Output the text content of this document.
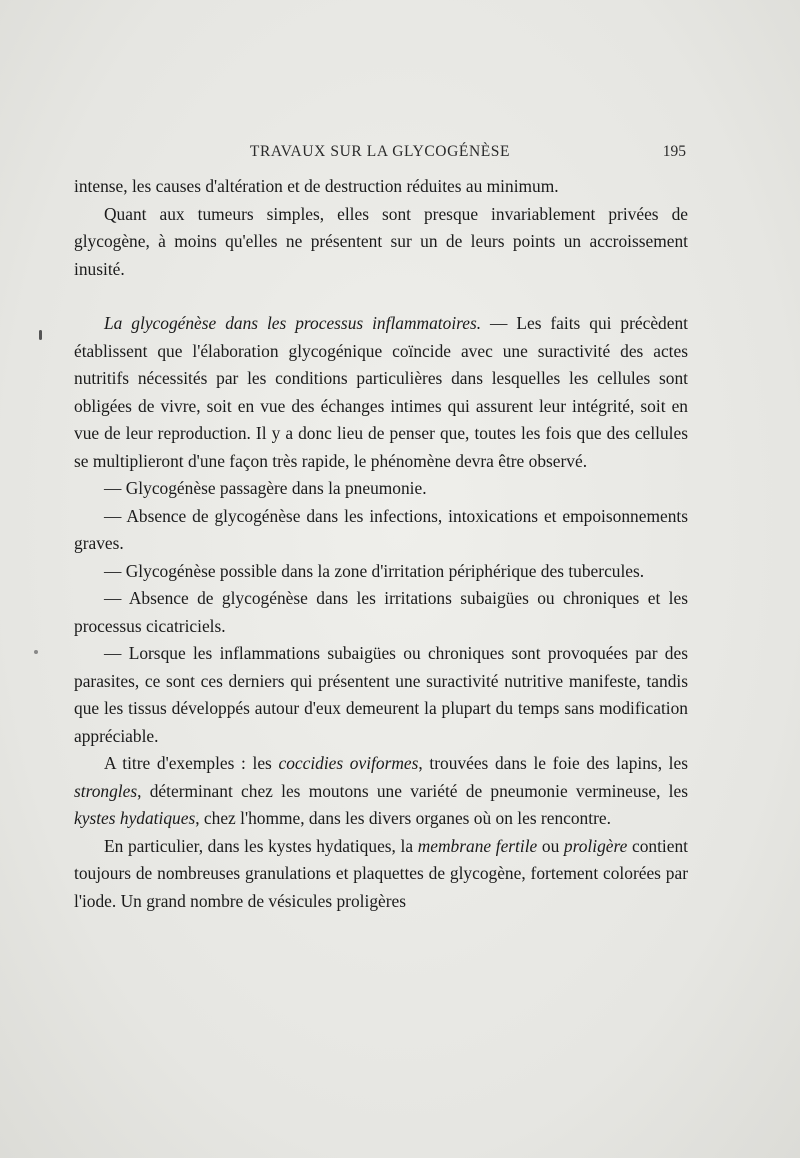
TRAVAUX SUR LA GLYCOGÉNÈSE	195

intense, les causes d'altération et de destruction réduites au minimum.

Quant aux tumeurs simples, elles sont presque invariablement privées de glycogène, à moins qu'elles ne présentent sur un de leurs points un accroissement inusité.

La glycogénèse dans les processus inflammatoires. — Les faits qui précèdent établissent que l'élaboration glycogénique coïncide avec une suractivité des actes nutritifs nécessités par les conditions particulières dans lesquelles les cellules sont obligées de vivre, soit en vue des échanges intimes qui assurent leur intégrité, soit en vue de leur reproduction. Il y a donc lieu de penser que, toutes les fois que des cellules se multiplieront d'une façon très rapide, le phénomène devra être observé.

— Glycogénèse passagère dans la pneumonie.

— Absence de glycogénèse dans les infections, intoxications et empoisonnements graves.

— Glycogénèse possible dans la zone d'irritation périphérique des tubercules.

— Absence de glycogénèse dans les irritations subaigües ou chroniques et les processus cicatriciels.

— Lorsque les inflammations subaigües ou chroniques sont provoquées par des parasites, ce sont ces derniers qui présentent une suractivité nutritive manifeste, tandis que les tissus développés autour d'eux demeurent la plupart du temps sans modification appréciable.

A titre d'exemples : les coccidies oviformes, trouvées dans le foie des lapins, les strongles, déterminant chez les moutons une variété de pneumonie vermineuse, les kystes hydatiques, chez l'homme, dans les divers organes où on les rencontre.

En particulier, dans les kystes hydatiques, la membrane fertile ou proligère contient toujours de nombreuses granulations et plaquettes de glycogène, fortement colorées par l'iode. Un grand nombre de vésicules proligères
